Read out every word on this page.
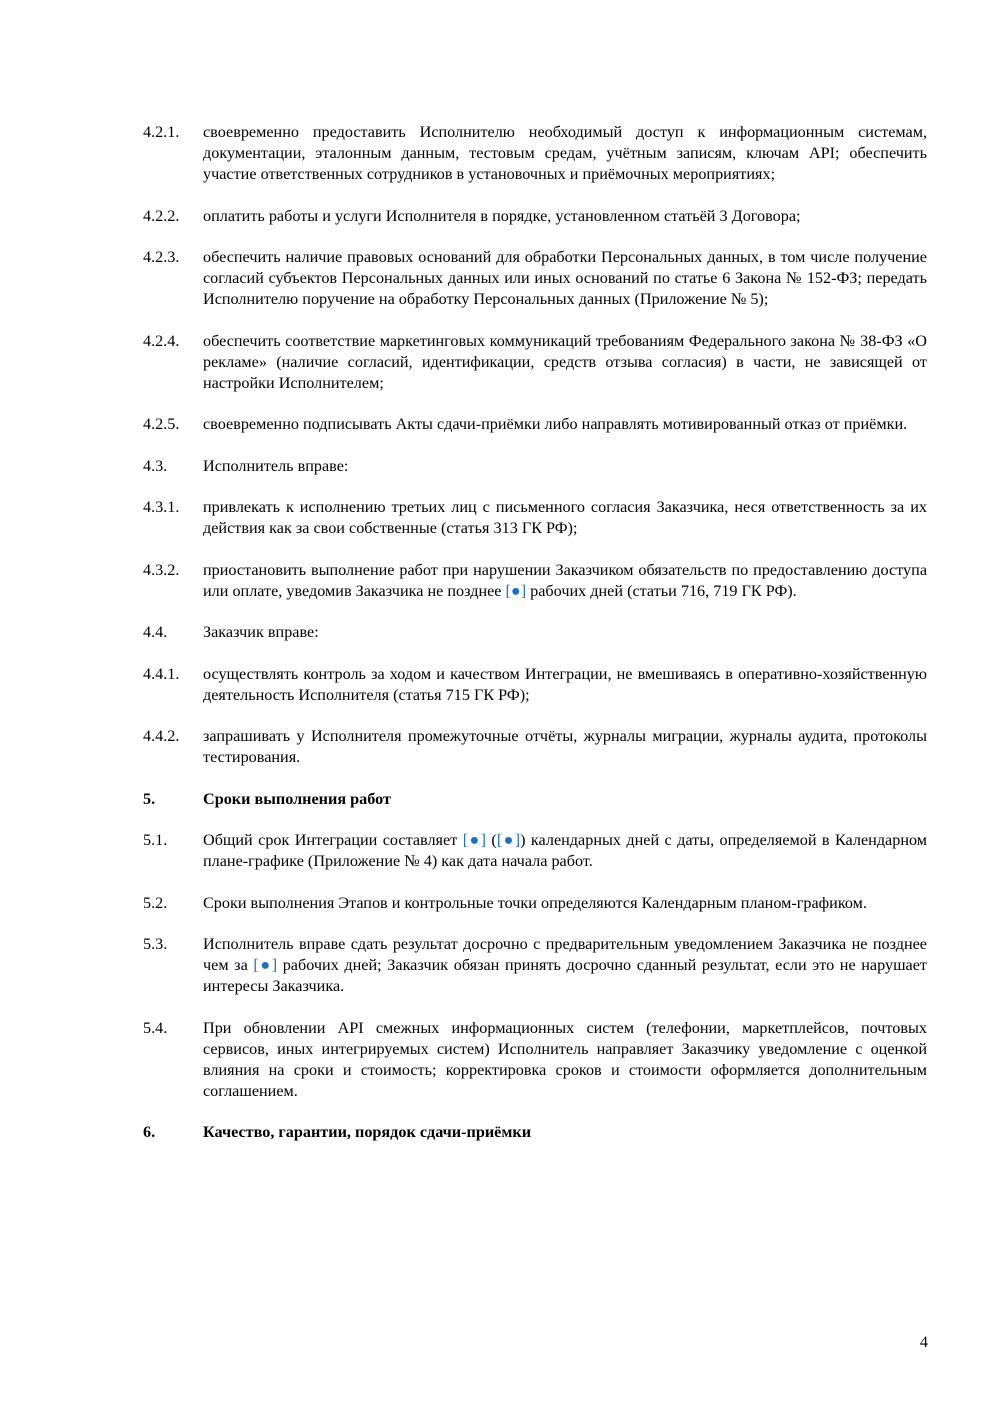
4.2.1.	своевременно предоставить Исполнителю необходимый доступ к информационным системам, документации, эталонным данным, тестовым средам, учётным записям, ключам API; обеспечить участие ответственных сотрудников в установочных и приёмочных мероприятиях;
4.2.2.	оплатить работы и услуги Исполнителя в порядке, установленном статьёй 3 Договора;
4.2.3.	обеспечить наличие правовых оснований для обработки Персональных данных, в том числе получение согласий субъектов Персональных данных или иных оснований по статье 6 Закона № 152-ФЗ; передать Исполнителю поручение на обработку Персональных данных (Приложение № 5);
4.2.4.	обеспечить соответствие маркетинговых коммуникаций требованиям Федерального закона № 38-ФЗ «О рекламе» (наличие согласий, идентификации, средств отзыва согласия) в части, не зависящей от настройки Исполнителем;
4.2.5.	своевременно подписывать Акты сдачи-приёмки либо направлять мотивированный отказ от приёмки.
4.3.	Исполнитель вправе:
4.3.1.	привлекать к исполнению третьих лиц с письменного согласия Заказчика, неся ответственность за их действия как за свои собственные (статья 313 ГК РФ);
4.3.2.	приостановить выполнение работ при нарушении Заказчиком обязательств по предоставлению доступа или оплате, уведомив Заказчика не позднее [●] рабочих дней (статьи 716, 719 ГК РФ).
4.4.	Заказчик вправе:
4.4.1.	осуществлять контроль за ходом и качеством Интеграции, не вмешиваясь в оперативно-хозяйственную деятельность Исполнителя (статья 715 ГК РФ);
4.4.2.	запрашивать у Исполнителя промежуточные отчёты, журналы миграции, журналы аудита, протоколы тестирования.
5.	Сроки выполнения работ
5.1.	Общий срок Интеграции составляет [●] ([●]) календарных дней с даты, определяемой в Календарном плане-графике (Приложение № 4) как дата начала работ.
5.2.	Сроки выполнения Этапов и контрольные точки определяются Календарным планом-графиком.
5.3.	Исполнитель вправе сдать результат досрочно с предварительным уведомлением Заказчика не позднее чем за [●] рабочих дней; Заказчик обязан принять досрочно сданный результат, если это не нарушает интересы Заказчика.
5.4.	При обновлении API смежных информационных систем (телефонии, маркетплейсов, почтовых сервисов, иных интегрируемых систем) Исполнитель направляет Заказчику уведомление с оценкой влияния на сроки и стоимость; корректировка сроков и стоимости оформляется дополнительным соглашением.
6.	Качество, гарантии, порядок сдачи-приёмки
4
